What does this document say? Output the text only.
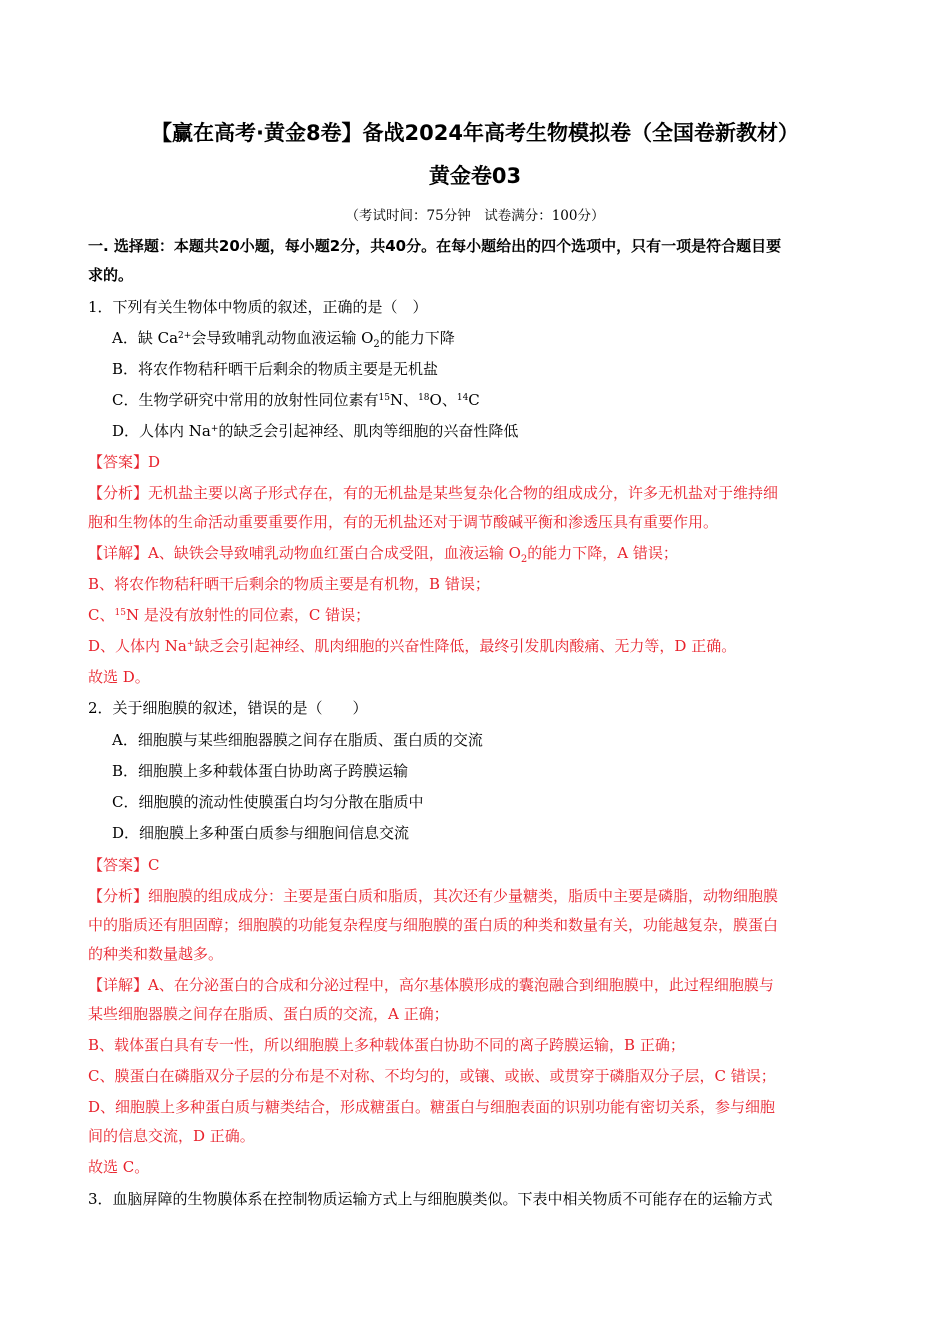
【赢在高考·黄金8卷】备战2024年高考生物模拟卷（全国卷新教材）
黄金卷03
（考试时间：75分钟　试卷满分：100分）
一. 选择题：本题共20小题，每小题2分，共40分。在每小题给出的四个选项中，只有一项是符合题目要
求的。
1．下列有关生物体中物质的叙述，正确的是（　）
A．缺 $Ca^{2+}$会导致哺乳动物血液运输 $O_2$的能力下降
B．将农作物秸秆晒干后剩余的物质主要是无机盐
C．生物学研究中常用的放射性同位素有$^{15}$N、$^{18}$O、$^{14}$C
D．人体内 Na+的缺乏会引起神经、肌肉等细胞的兴奋性降低
【答案】D
【分析】无机盐主要以离子形式存在，有的无机盐是某些复杂化合物的组成成分，许多无机盐对于维持细
胞和生物体的生命活动重要重要作用，有的无机盐还对于调节酸碱平衡和渗透压具有重要作用。
【详解】A、缺铁会导致哺乳动物血红蛋白合成受阻，血液运输 $O_2$的能力下降，A 错误；
B、将农作物秸秆晒干后剩余的物质主要是有机物，B 错误；
C、$^{15}$N 是没有放射性的同位素，C 错误；
D、人体内 Na+缺乏会引起神经、肌肉细胞的兴奋性降低，最终引发肌肉酸痛、无力等，D 正确。
故选 D。
2．关于细胞膜的叙述，错误的是（　　）
A．细胞膜与某些细胞器膜之间存在脂质、蛋白质的交流
B．细胞膜上多种载体蛋白协助离子跨膜运输
C．细胞膜的流动性使膜蛋白均匀分散在脂质中
D．细胞膜上多种蛋白质参与细胞间信息交流
【答案】C
【分析】细胞膜的组成成分：主要是蛋白质和脂质，其次还有少量糖类，脂质中主要是磷脂，动物细胞膜
中的脂质还有胆固醇；细胞膜的功能复杂程度与细胞膜的蛋白质的种类和数量有关，功能越复杂，膜蛋白
的种类和数量越多。
【详解】A、在分泌蛋白的合成和分泌过程中，高尔基体膜形成的囊泡融合到细胞膜中，此过程细胞膜与
某些细胞器膜之间存在脂质、蛋白质的交流，A 正确；
B、载体蛋白具有专一性，所以细胞膜上多种载体蛋白协助不同的离子跨膜运输，B 正确；
C、膜蛋白在磷脂双分子层的分布是不对称、不均匀的，或镶、或嵌、或贯穿于磷脂双分子层，C 错误；
D、细胞膜上多种蛋白质与糖类结合，形成糖蛋白。糖蛋白与细胞表面的识别功能有密切关系，参与细胞
间的信息交流，D 正确。
故选 C。
3．血脑屏障的生物膜体系在控制物质运输方式上与细胞膜类似。下表中相关物质不可能存在的运输方式
